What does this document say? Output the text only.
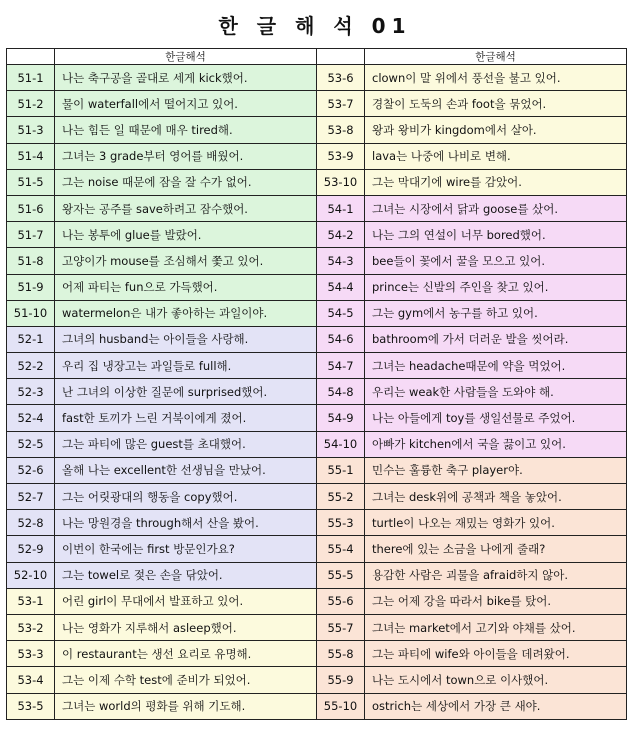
한 글 해 석 01
	한글해석		한글해석
51-1	나는 축구공을 골대로 세게 kick했어.	53-6	clown이 말 위에서 풍선을 불고 있어.
51-2	물이 waterfall에서 떨어지고 있어.	53-7	경찰이 도둑의 손과 foot을 묶었어.
51-3	나는 힘든 일 때문에 매우 tired해.	53-8	왕과 왕비가 kingdom에서 살아.
51-4	그녀는 3 grade부터 영어를 배웠어.	53-9	lava는 나중에 나비로 변해.
51-5	그는 noise 때문에 잠을 잘 수가 없어.	53-10	그는 막대기에 wire를 감았어.
51-6	왕자는 공주를 save하려고 잠수했어.	54-1	그녀는 시장에서 닭과 goose를 샀어.
51-7	나는 봉투에 glue를 발랐어.	54-2	나는 그의 연설이 너무 bored했어.
51-8	고양이가 mouse를 조심해서 쫓고 있어.	54-3	bee들이 꽃에서 꿀을 모으고 있어.
51-9	어제 파티는 fun으로 가득했어.	54-4	prince는 신발의 주인을 찾고 있어.
51-10	watermelon은 내가 좋아하는 과일이야.	54-5	그는 gym에서 농구를 하고 있어.
52-1	그녀의 husband는 아이들을 사랑해.	54-6	bathroom에 가서 더러운 발을 씻어라.
52-2	우리 집 냉장고는 과일들로 full해.	54-7	그녀는 headache때문에 약을 먹었어.
52-3	난 그녀의 이상한 질문에 surprised했어.	54-8	우리는 weak한 사람들을 도와야 해.
52-4	fast한 토끼가 느린 거북이에게 졌어.	54-9	나는 아들에게 toy를 생일선물로 주었어.
52-5	그는 파티에 많은 guest를 초대했어.	54-10	아빠가 kitchen에서 국을 끓이고 있어.
52-6	올해 나는 excellent한 선생님을 만났어.	55-1	민수는 훌륭한 축구 player야.
52-7	그는 어릿광대의 행동을 copy했어.	55-2	그녀는 desk위에 공책과 책을 놓았어.
52-8	나는 망원경을 through해서 산을 봤어.	55-3	turtle이 나오는 재밌는 영화가 있어.
52-9	이번이 한국에는 first 방문인가요?	55-4	there에 있는 소금을 나에게 줄래?
52-10	그는 towel로 젖은 손을 닦았어.	55-5	용감한 사람은 괴물을 afraid하지 않아.
53-1	어린 girl이 무대에서 발표하고 있어.	55-6	그는 어제 강을 따라서 bike를 탔어.
53-2	나는 영화가 지루해서 asleep했어.	55-7	그녀는 market에서 고기와 야채를 샀어.
53-3	이 restaurant는 생선 요리로 유명해.	55-8	그는 파티에 wife와 아이들을 데려왔어.
53-4	그는 이제 수학 test에 준비가 되었어.	55-9	나는 도시에서 town으로 이사했어.
53-5	그녀는 world의 평화를 위해 기도해.	55-10	ostrich는 세상에서 가장 큰 새야.
